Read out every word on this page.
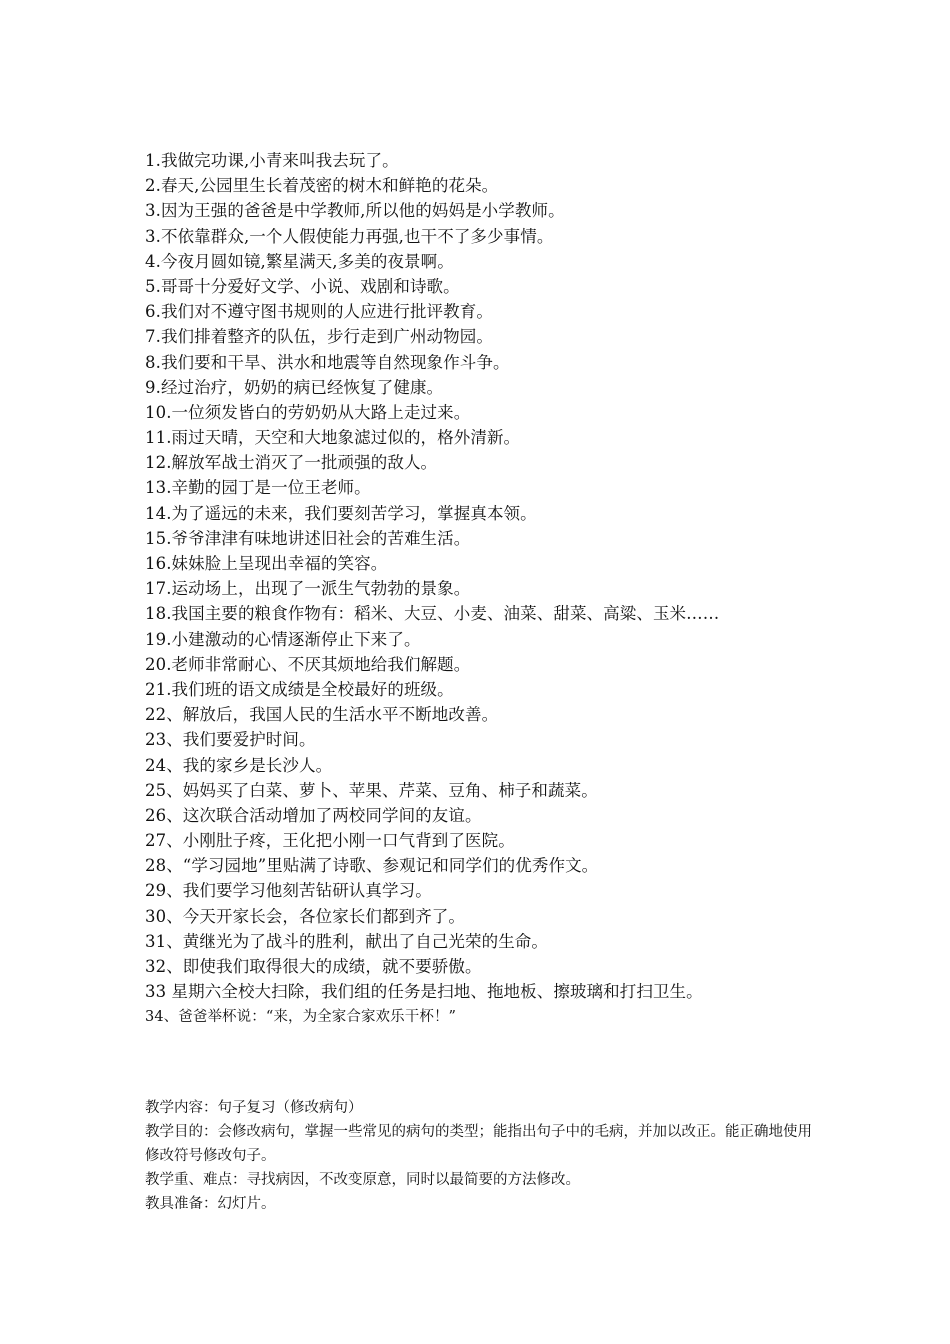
1.我做完功课,小青来叫我去玩了。
2.春天,公园里生长着茂密的树木和鲜艳的花朵。
3.因为王强的爸爸是中学教师,所以他的妈妈是小学教师。
3.不依靠群众,一个人假使能力再强,也干不了多少事情。
4.今夜月圆如镜,繁星满天,多美的夜景啊。
5.哥哥十分爱好文学、小说、戏剧和诗歌。
6.我们对不遵守图书规则的人应进行批评教育。
7.我们排着整齐的队伍，步行走到广州动物园。
8.我们要和干旱、洪水和地震等自然现象作斗争。
9.经过治疗，奶奶的病已经恢复了健康。
10.一位须发皆白的劳奶奶从大路上走过来。
11.雨过天晴，天空和大地象滤过似的，格外清新。
12.解放军战士消灭了一批顽强的敌人。
13.辛勤的园丁是一位王老师。
14.为了遥远的未来，我们要刻苦学习，掌握真本领。
15.爷爷津津有味地讲述旧社会的苦难生活。
16.妹妹脸上呈现出幸福的笑容。
17.运动场上，出现了一派生气勃勃的景象。
18.我国主要的粮食作物有：稻米、大豆、小麦、油菜、甜菜、高粱、玉米……
19.小建激动的心情逐渐停止下来了。
20.老师非常耐心、不厌其烦地给我们解题。
21.我们班的语文成绩是全校最好的班级。
22、解放后，我国人民的生活水平不断地改善。
23、我们要爱护时间。
24、我的家乡是长沙人。
25、妈妈买了白菜、萝卜、苹果、芹菜、豆角、柿子和蔬菜。
26、这次联合活动增加了两校同学间的友谊。
27、小刚肚子疼，王化把小刚一口气背到了医院。
28、“学习园地”里贴满了诗歌、参观记和同学们的优秀作文。
29、我们要学习他刻苦钻研认真学习。
30、今天开家长会，各位家长们都到齐了。
31、黄继光为了战斗的胜利，献出了自己光荣的生命。
32、即使我们取得很大的成绩，就不要骄傲。
33 星期六全校大扫除，我们组的任务是扫地、拖地板、擦玻璃和打扫卫生。
34、爸爸举杯说：“来，为全家合家欢乐干杯！”

教学内容：句子复习（修改病句）

教学目的：会修改病句，掌握一些常见的病句的类型；能指出句子中的毛病，并加以改正。能正确地使用修改符号修改句子。

教学重、难点：寻找病因，不改变原意，同时以最简要的方法修改。

教具准备：幻灯片。
